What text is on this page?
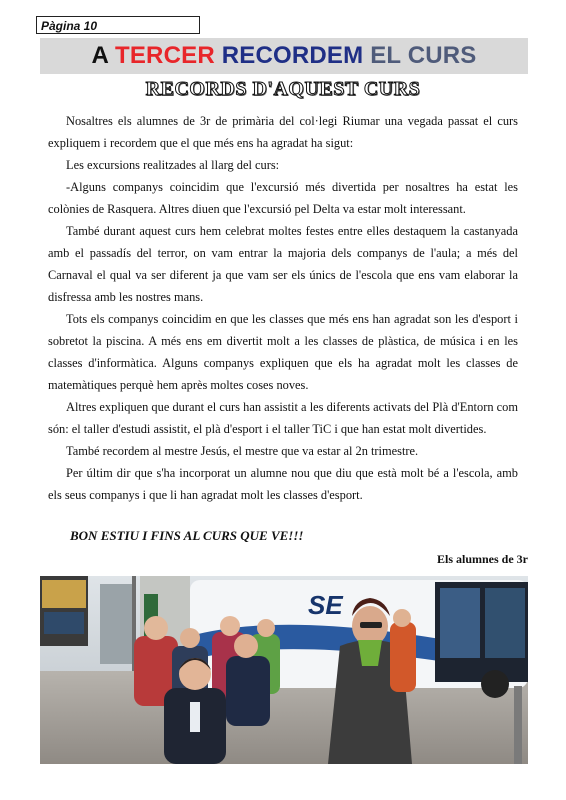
Pàgina 10
A TERCER RECORDEM EL CURS
RECORDS D'AQUEST CURS

Nosaltres els alumnes de 3r de primària del col·legi Riumar una vegada passat el curs expliquem i recordem que el que més ens ha agradat ha sigut:

Les excursions realitzades al llarg del curs:

-Alguns companys coincidim que l'excursió més divertida per nosaltres ha estat les colònies de Rasquera. Altres diuen que l'excursió pel Delta va estar molt interessant.

També durant aquest curs hem celebrat moltes festes entre elles destaquem la castanyada amb el passadís del terror, on vam entrar la majoria dels companys de l'aula; a més del Carnaval el qual va ser diferent ja que vam ser els únics de l'escola que ens vam elaborar la disfressa amb les nostres mans.

Tots els companys coincidim en que les classes que més ens han agradat son les d'esport i sobretot la piscina. A més ens em divertit molt a les classes de plàstica, de música i en les classes d'informàtica. Alguns companys expliquen que els ha agradat molt les classes de matemàtiques perquè hem après moltes coses noves.

Altres expliquen que durant el curs han assistit a les diferents activats del Plà d'Entorn com són: el taller d'estudi assistit, el plà d'esport i el taller TiC i que han estat molt divertides.

També recordem al mestre Jesús, el mestre que va estar al 2n trimestre.

Per últim dir que s'ha incorporat un alumne nou que diu que està molt bé a l'escola, amb els seus companys i que li han agradat molt les classes d'esport.

BON ESTIU I FINS AL CURS QUE VE!!!
Els alumnes de 3r
SE
